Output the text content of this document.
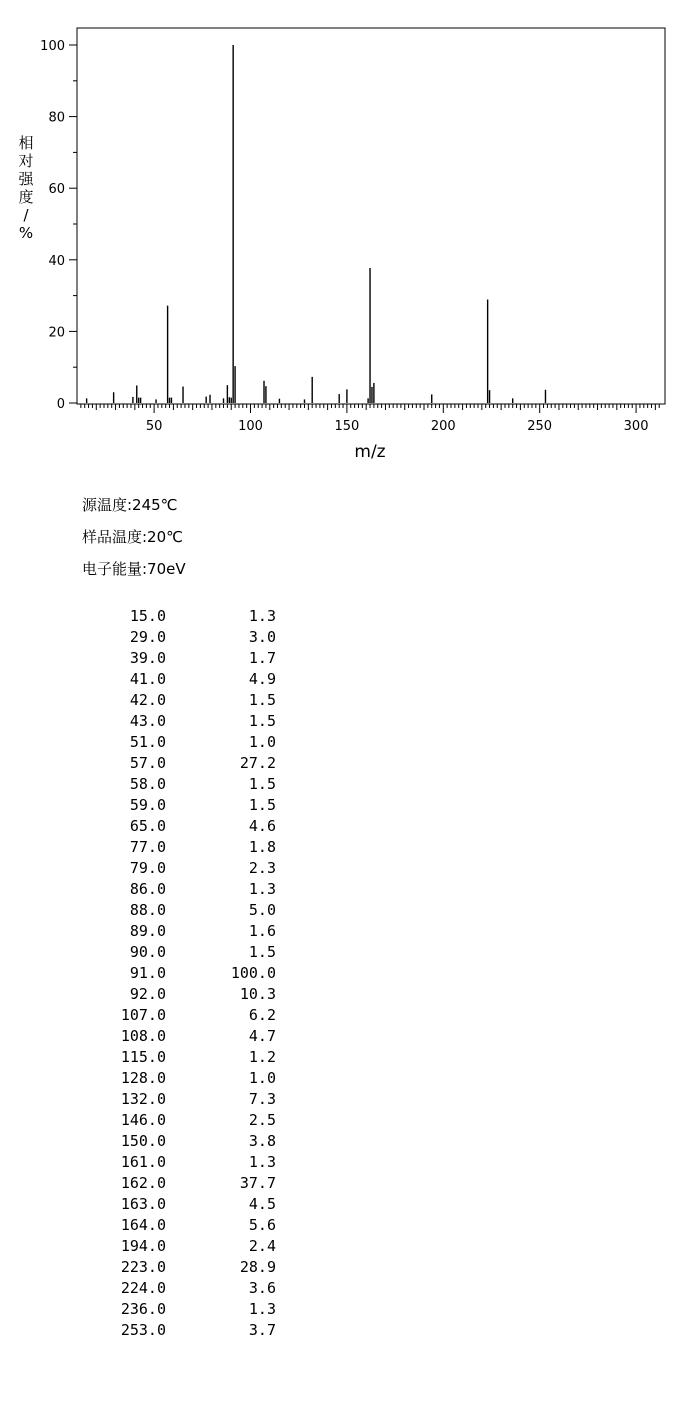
50	100	150	200	250	300
0
20
40
60
80
100
m/z
相
对
强
度
/
%
源温度:245℃
样品温度:20℃
电子能量:70eV
15.0	1.3
29.0	3.0
39.0	1.7
41.0	4.9
42.0	1.5
43.0	1.5
51.0	1.0
57.0	27.2
58.0	1.5
59.0	1.5
65.0	4.6
77.0	1.8
79.0	2.3
86.0	1.3
88.0	5.0
89.0	1.6
90.0	1.5
91.0	100.0
92.0	10.3
107.0	6.2
108.0	4.7
115.0	1.2
128.0	1.0
132.0	7.3
146.0	2.5
150.0	3.8
161.0	1.3
162.0	37.7
163.0	4.5
164.0	5.6
194.0	2.4
223.0	28.9
224.0	3.6
236.0	1.3
253.0	3.7
